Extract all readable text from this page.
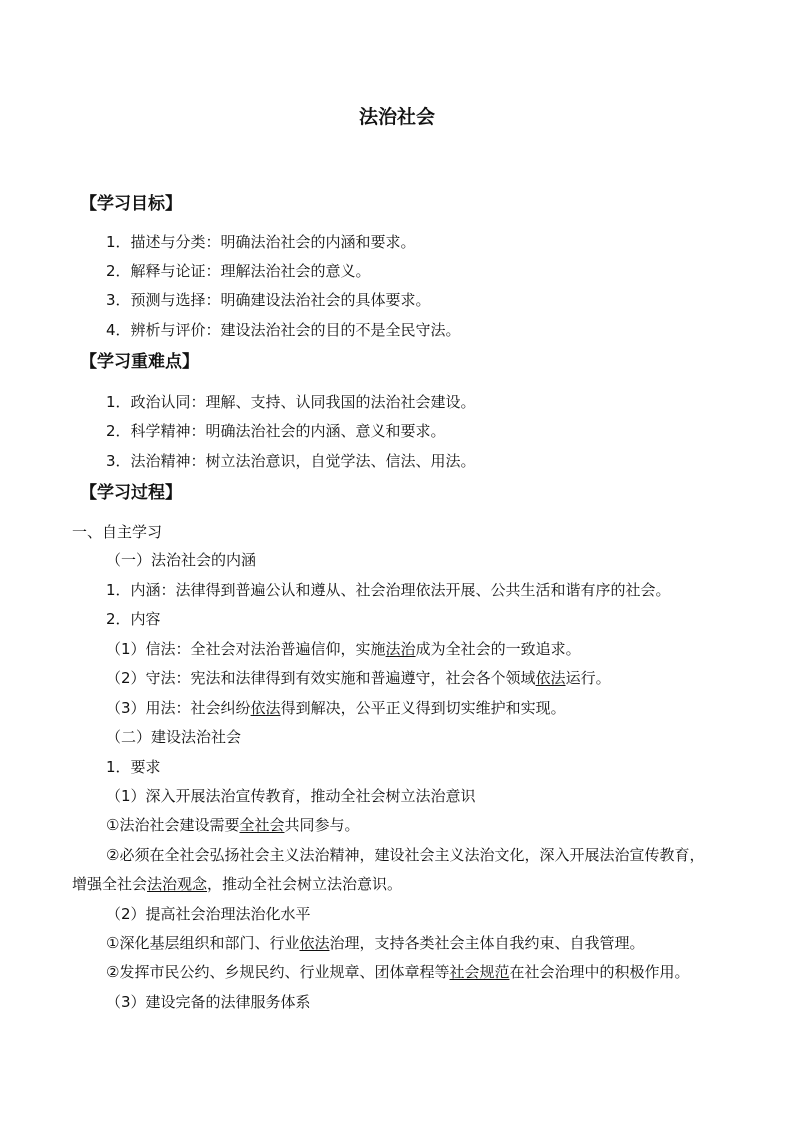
法治社会
【学习目标】
1．描述与分类：明确法治社会的内涵和要求。
2．解释与论证：理解法治社会的意义。
3．预测与选择：明确建设法治社会的具体要求。
4．辨析与评价：建设法治社会的目的不是全民守法。
【学习重难点】
1．政治认同：理解、支持、认同我国的法治社会建设。
2．科学精神：明确法治社会的内涵、意义和要求。
3．法治精神：树立法治意识，自觉学法、信法、用法。
【学习过程】
一、自主学习
（一）法治社会的内涵
1．内涵：法律得到普遍公认和遵从、社会治理依法开展、公共生活和谐有序的社会。
2．内容
（1）信法：全社会对法治普遍信仰，实施法治成为全社会的一致追求。
（2）守法：宪法和法律得到有效实施和普遍遵守，社会各个领域依法运行。
（3）用法：社会纠纷依法得到解决，公平正义得到切实维护和实现。
（二）建设法治社会
1．要求
（1）深入开展法治宣传教育，推动全社会树立法治意识
①法治社会建设需要全社会共同参与。
②必须在全社会弘扬社会主义法治精神，建设社会主义法治文化，深入开展法治宣传教育，
增强全社会法治观念，推动全社会树立法治意识。
（2）提高社会治理法治化水平
①深化基层组织和部门、行业依法治理，支持各类社会主体自我约束、自我管理。
②发挥市民公约、乡规民约、行业规章、团体章程等社会规范在社会治理中的积极作用。
（3）建设完备的法律服务体系
